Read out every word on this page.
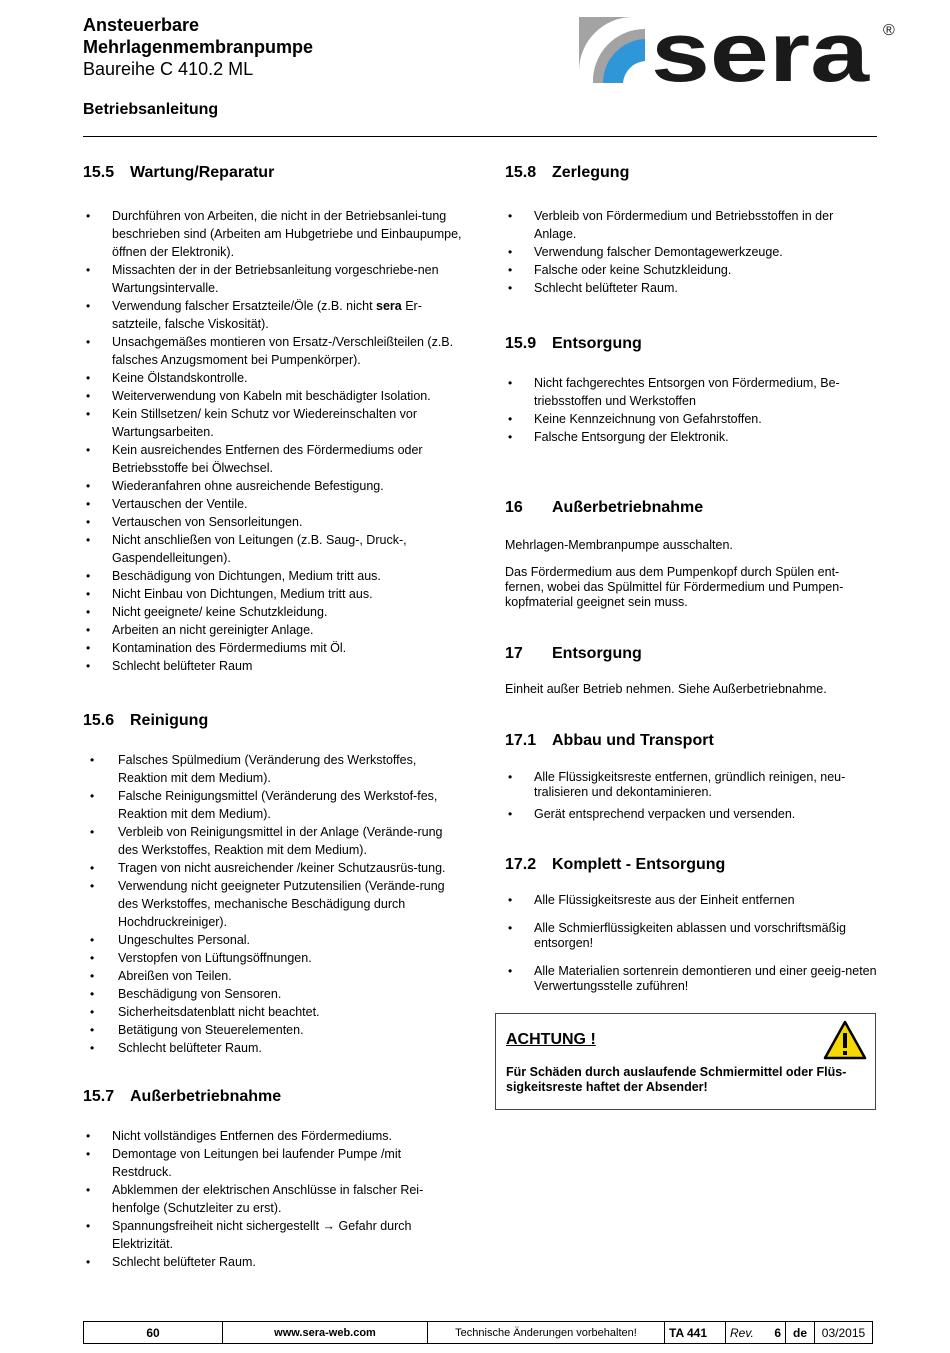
Ansteuerbare
Mehrlagenmembranpumpe
Baureihe C 410.2 ML
Betriebsanleitung
sera ®
15.5 Wartung/Reparatur
• Durchführen von Arbeiten, die nicht in der Betriebsanlei-tung beschrieben sind (Arbeiten am Hubgetriebe und Einbaupumpe, öffnen der Elektronik).
• Missachten der in der Betriebsanleitung vorgeschriebe-nen Wartungsintervalle.
• Verwendung falscher Ersatzteile/Öle (z.B. nicht sera Er-satzteile, falsche Viskosität).
• Unsachgemäßes montieren von Ersatz-/Verschleißteilen (z.B. falsches Anzugsmoment bei Pumpenkörper).
• Keine Ölstandskontrolle.
• Weiterverwendung von Kabeln mit beschädigter Isolation.
• Kein Stillsetzen/ kein Schutz vor Wiedereinschalten vor Wartungsarbeiten.
• Kein ausreichendes Entfernen des Fördermediums oder Betriebsstoffe bei Ölwechsel.
• Wiederanfahren ohne ausreichende Befestigung.
• Vertauschen der Ventile.
• Vertauschen von Sensorleitungen.
• Nicht anschließen von Leitungen (z.B. Saug-, Druck-, Gaspendelleitungen).
• Beschädigung von Dichtungen, Medium tritt aus.
• Nicht Einbau von Dichtungen, Medium tritt aus.
• Nicht geeignete/ keine Schutzkleidung.
• Arbeiten an nicht gereinigter Anlage.
• Kontamination des Fördermediums mit Öl.
• Schlecht belüfteter Raum
15.6 Reinigung
• Falsches Spülmedium (Veränderung des Werkstoffes, Reaktion mit dem Medium).
• Falsche Reinigungsmittel (Veränderung des Werkstof-fes, Reaktion mit dem Medium).
• Verbleib von Reinigungsmittel in der Anlage (Verände-rung des Werkstoffes, Reaktion mit dem Medium).
• Tragen von nicht ausreichender /keiner Schutzausrüs-tung.
• Verwendung nicht geeigneter Putzutensilien (Verände-rung des Werkstoffes, mechanische Beschädigung durch Hochdruckreiniger).
• Ungeschultes Personal.
• Verstopfen von Lüftungsöffnungen.
• Abreißen von Teilen.
• Beschädigung von Sensoren.
• Sicherheitsdatenblatt nicht beachtet.
• Betätigung von Steuerelementen.
• Schlecht belüfteter Raum.
15.7 Außerbetriebnahme
• Nicht vollständiges Entfernen des Fördermediums.
• Demontage von Leitungen bei laufender Pumpe /mit Restdruck.
• Abklemmen der elektrischen Anschlüsse in falscher Rei-henfolge (Schutzleiter zu erst).
• Spannungsfreiheit nicht sichergestellt → Gefahr durch Elektrizität.
• Schlecht belüfteter Raum.
15.8 Zerlegung
• Verbleib von Fördermedium und Betriebsstoffen in der Anlage.
• Verwendung falscher Demontagewerkzeuge.
• Falsche oder keine Schutzkleidung.
• Schlecht belüfteter Raum.
15.9 Entsorgung
• Nicht fachgerechtes Entsorgen von Fördermedium, Be-triebsstoffen und Werkstoffen
• Keine Kennzeichnung von Gefahrstoffen.
• Falsche Entsorgung der Elektronik.
16	Außerbetriebnahme

Mehrlagen-Membranpumpe ausschalten.

Das Fördermedium aus dem Pumpenkopf durch Spülen ent-fernen, wobei das Spülmittel für Fördermedium und Pumpen-kopfmaterial geeignet sein muss.

17	Entsorgung

Einheit außer Betrieb nehmen. Siehe Außerbetriebnahme.

17.1 Abbau und Transport
• Alle Flüssigkeitsreste entfernen, gründlich reinigen, neu-tralisieren und dekontaminieren.
• Gerät entsprechend verpacken und versenden.
17.2 Komplett - Entsorgung
• Alle Flüssigkeitsreste aus der Einheit entfernen
• Alle Schmierflüssigkeiten ablassen und vorschriftsmäßig entsorgen!
• Alle Materialien sortenrein demontieren und einer geeig-neten Verwertungsstelle zuführen!
ACHTUNG !
Für Schäden durch auslaufende Schmiermittel oder Flüs-sigkeitsreste haftet der Absender!
60	www.sera-web.com	Technische Änderungen vorbehalten!	TA 441	Rev. 6	de	03/2015
